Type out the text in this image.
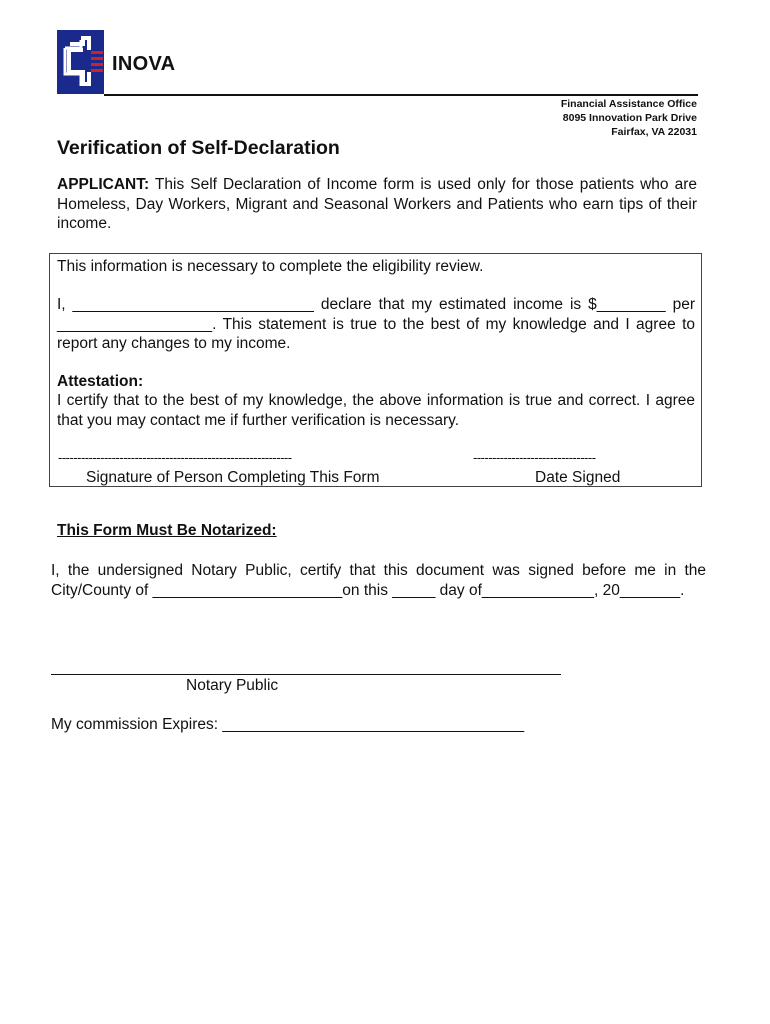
INOVA
Financial Assistance Office
8095 Innovation Park Drive
Fairfax, VA 22031
Verification of Self-Declaration
APPLICANT: This Self Declaration of Income form is used only for those patients who are Homeless, Day Workers, Migrant and Seasonal Workers and Patients who earn tips of their income.
This information is necessary to complete the eligibility review.
I, ____________________________ declare that my estimated income is $________ per __________________. This statement is true to the best of my knowledge and I agree to report any changes to my income.
Attestation:
I certify that to the best of my knowledge, the above information is true and correct. I agree that you may contact me if further verification is necessary.
-------------------------------------------------------------	--------------------------------
Signature of Person Completing This Form	Date Signed
This Form Must Be Notarized:
I, the undersigned Notary Public, certify that this document was signed before me in the City/County of ______________________on this _____ day of_____________, 20_______.
Notary Public
My commission Expires: ___________________________________
